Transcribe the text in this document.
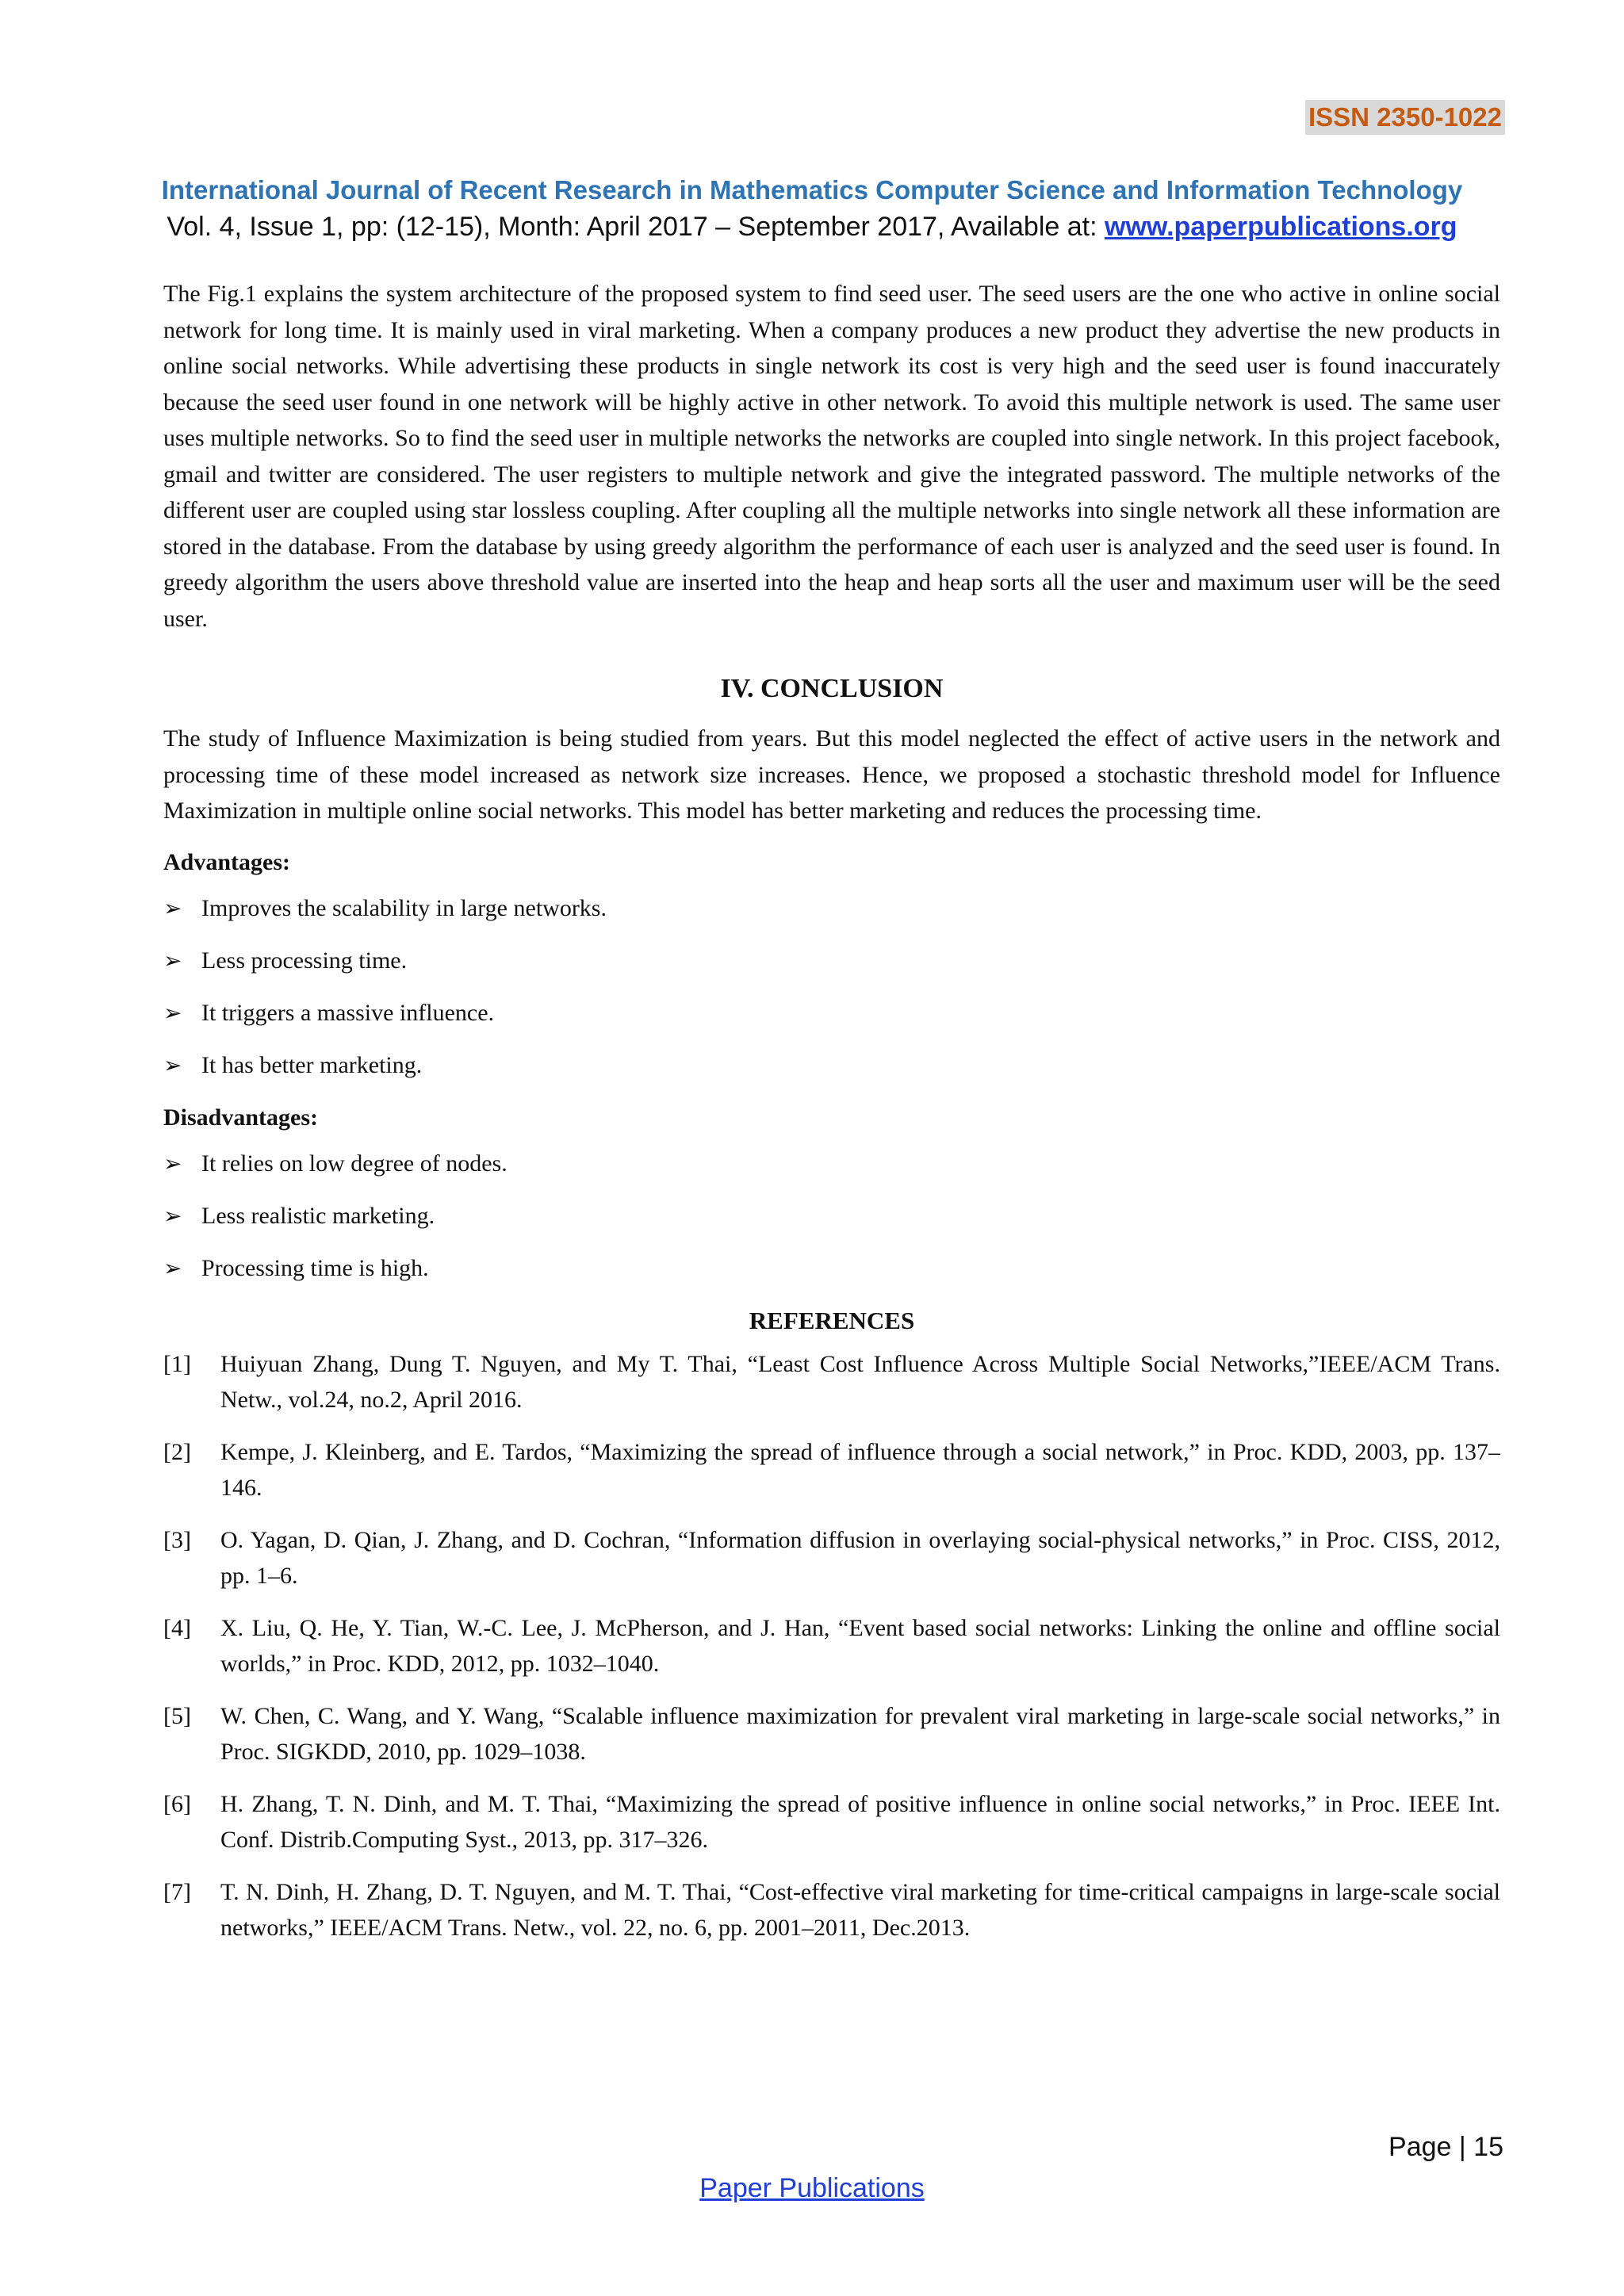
ISSN 2350-1022
International Journal of Recent Research in Mathematics Computer Science and Information Technology

Vol. 4, Issue 1, pp: (12-15), Month: April 2017 – September 2017, Available at: www.paperpublications.org

The Fig.1 explains the system architecture of the proposed system to find seed user. The seed users are the one who active in online social network for long time. It is mainly used in viral marketing. When a company produces a new product they advertise the new products in online social networks. While advertising these products in single network its cost is very high and the seed user is found inaccurately because the seed user found in one network will be highly active in other network. To avoid this multiple network is used. The same user uses multiple networks. So to find the seed user in multiple networks the networks are coupled into single network. In this project facebook, gmail and twitter are considered. The user registers to multiple network and give the integrated password. The multiple networks of the different user are coupled using star lossless coupling. After coupling all the multiple networks into single network all these information are stored in the database. From the database by using greedy algorithm the performance of each user is analyzed and the seed user is found. In greedy algorithm the users above threshold value are inserted into the heap and heap sorts all the user and maximum user will be the seed user.

IV. CONCLUSION

The study of Influence Maximization is being studied from years. But this model neglected the effect of active users in the network and processing time of these model increased as network size increases. Hence, we proposed a stochastic threshold model for Influence Maximization in multiple online social networks. This model has better marketing and reduces the processing time.

Advantages:
➢ Improves the scalability in large networks.
➢ Less processing time.
➢ It triggers a massive influence.
➢ It has better marketing.
Disadvantages:
➢ It relies on low degree of nodes.
➢ Less realistic marketing.
➢ Processing time is high.
REFERENCES
[1]	Huiyuan Zhang, Dung T. Nguyen, and My T. Thai, “Least Cost Influence Across Multiple Social Networks,”IEEE/ACM Trans. Netw., vol.24, no.2, April 2016.
[2]	Kempe, J. Kleinberg, and E. Tardos, “Maximizing the spread of influence through a social network,” in Proc. KDD, 2003, pp. 137–146.
[3]	O. Yagan, D. Qian, J. Zhang, and D. Cochran, “Information diffusion in overlaying social-physical networks,” in Proc. CISS, 2012, pp. 1–6.
[4]	X. Liu, Q. He, Y. Tian, W.-C. Lee, J. McPherson, and J. Han, “Event based social networks: Linking the online and offline social worlds,” in Proc. KDD, 2012, pp. 1032–1040.
[5]	W. Chen, C. Wang, and Y. Wang, “Scalable influence maximization for prevalent viral marketing in large-scale social networks,” in Proc. SIGKDD, 2010, pp. 1029–1038.
[6]	H. Zhang, T. N. Dinh, and M. T. Thai, “Maximizing the spread of positive influence in online social networks,” in Proc. IEEE Int. Conf. Distrib.Computing Syst., 2013, pp. 317–326.
[7]	T. N. Dinh, H. Zhang, D. T. Nguyen, and M. T. Thai, “Cost-effective viral marketing for time-critical campaigns in large-scale social networks,” IEEE/ACM Trans. Netw., vol. 22, no. 6, pp. 2001–2011, Dec.2013.
Page | 15
Paper Publications
